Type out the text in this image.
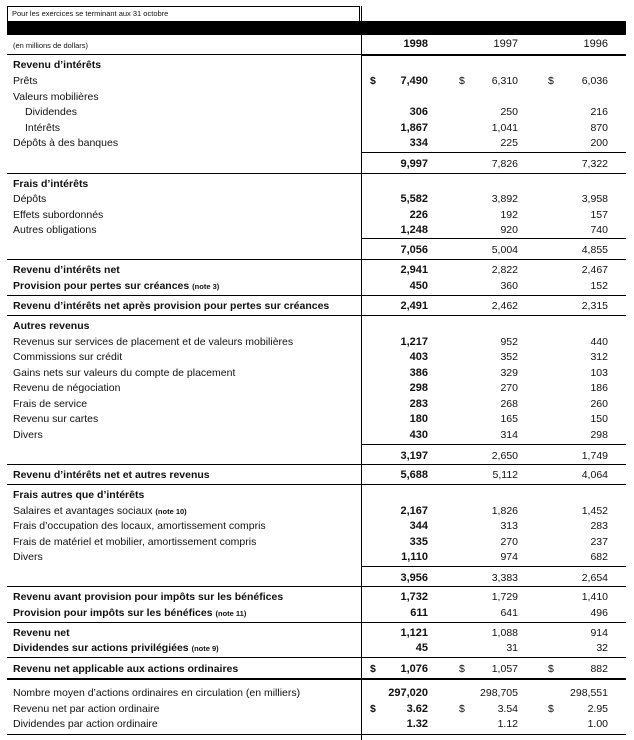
Pour les exercices se terminant aux 31 octobre
(en millions de dollars)	1998	1997	1996
Revenu d’intérêts
Prêts	$	7,490	$	6,310	$	6,036
Valeurs mobilières
Dividendes	306	250	216
Intérêts	1,867	1,041	870
Dépôts à des banques	334	225	200
9,997	7,826	7,322
Frais d’intérêts
Dépôts	5,582	3,892	3,958
Effets subordonnés	226	192	157
Autres obligations	1,248	920	740
7,056	5,004	4,855
Revenu d’intérêts net	2,941	2,822	2,467
Provision pour pertes sur créances (note 3)	450	360	152
Revenu d’intérêts net après provision pour pertes sur créances	2,491	2,462	2,315
Autres revenus
Revenus sur services de placement et de valeurs mobilières	1,217	952	440
Commissions sur crédit	403	352	312
Gains nets sur valeurs du compte de placement	386	329	103
Revenu de négociation	298	270	186
Frais de service	283	268	260
Revenu sur cartes	180	165	150
Divers	430	314	298
3,197	2,650	1,749
Revenu d’intérêts net et autres revenus	5,688	5,112	4,064
Frais autres que d’intérêts
Salaires et avantages sociaux (note 10)	2,167	1,826	1,452
Frais d’occupation des locaux, amortissement compris	344	313	283
Frais de matériel et mobilier, amortissement compris	335	270	237
Divers	1,110	974	682
3,956	3,383	2,654
Revenu avant provision pour impôts sur les bénéfices	1,732	1,729	1,410
Provision pour impôts sur les bénéfices (note 11)	611	641	496
Revenu net	1,121	1,088	914
Dividendes sur actions privilégiées (note 9)	45	31	32
Revenu net applicable aux actions ordinaires	$	1,076	$	1,057	$	882
Nombre moyen d’actions ordinaires en circulation (en milliers)	297,020	298,705	298,551
Revenu net par action ordinaire	$	3.62	$	3.54	$	2.95
Dividendes par action ordinaire	1.32	1.12	1.00
